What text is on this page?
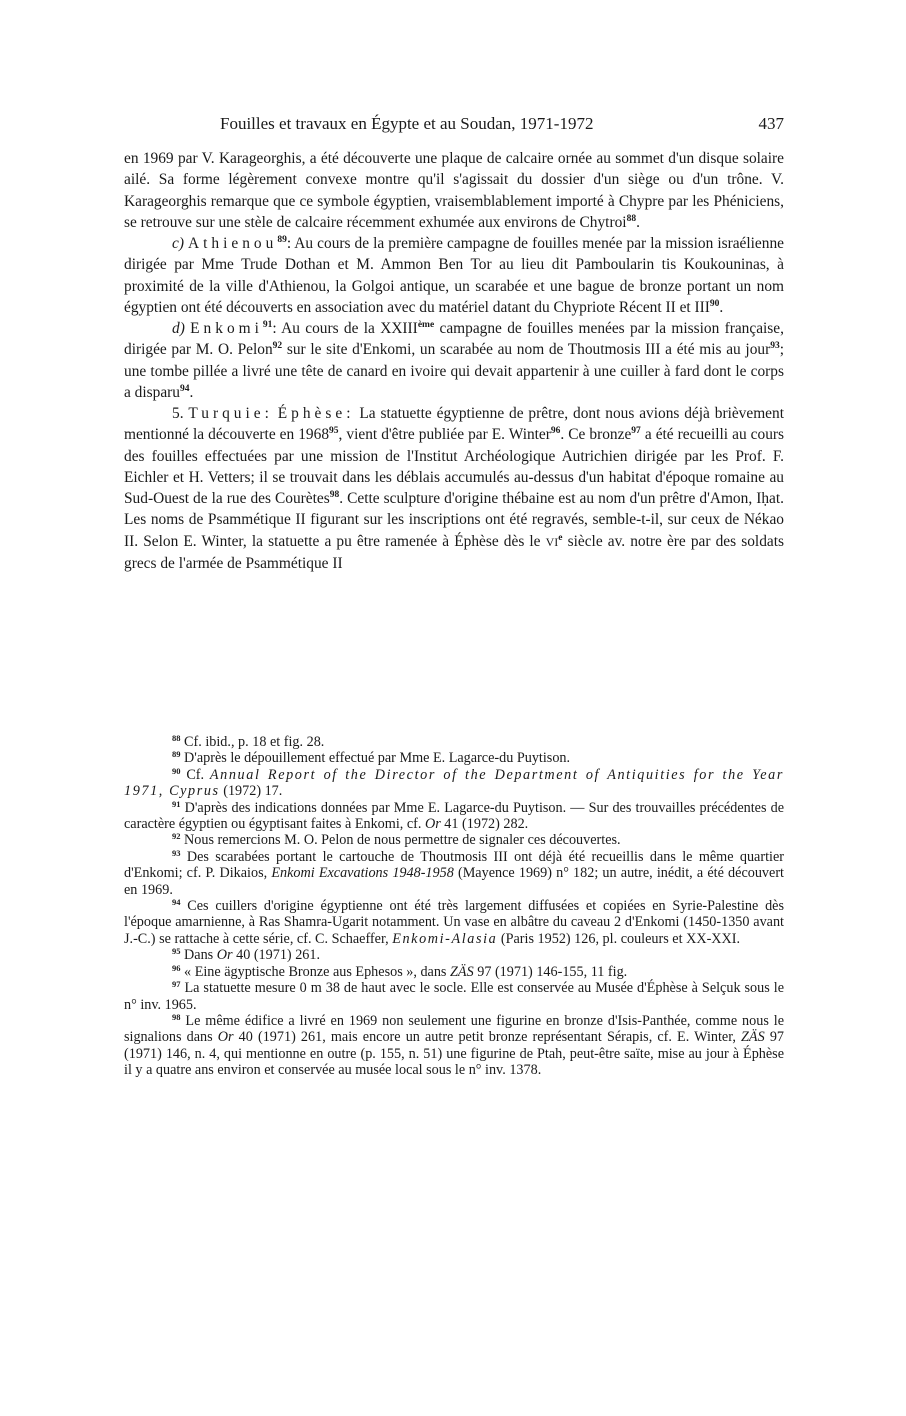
Fouilles et travaux en Égypte et au Soudan, 1971-1972	437

en 1969 par V. Karageorghis, a été découverte une plaque de calcaire ornée au sommet d'un disque solaire ailé. Sa forme légèrement convexe montre qu'il s'agissait du dossier d'un siège ou d'un trône. V. Karageorghis remarque que ce symbole égyptien, vraisemblablement importé à Chypre par les Phéniciens, se retrouve sur une stèle de calcaire récemment exhumée aux environs de Chytroi$^{88}$.

c) Athienou$^{89}$: Au cours de la première campagne de fouilles menée par la mission israélienne dirigée par Mme Trude Dothan et M. Ammon Ben Tor au lieu dit Pamboularin tis Koukouninas, à proximité de la ville d'Athienou, la Golgoi antique, un scarabée et une bague de bronze portant un nom égyptien ont été découverts en association avec du matériel datant du Chypriote Récent II et III$^{90}$.

d) Enkomi$^{91}$: Au cours de la XXIIIème campagne de fouilles menées par la mission française, dirigée par M. O. Pelon$^{92}$ sur le site d'Enkomi, un scarabée au nom de Thoutmosis III a été mis au jour$^{93}$; une tombe pillée a livré une tête de canard en ivoire qui devait appartenir à une cuiller à fard dont le corps a disparu$^{94}$.

5. Turquie: Éphèse: La statuette égyptienne de prêtre, dont nous avions déjà brièvement mentionné la découverte en 1968$^{95}$, vient d'être publiée par E. Winter$^{96}$. Ce bronze$^{97}$ a été recueilli au cours des fouilles effectuées par une mission de l'Institut Archéologique Autrichien dirigée par les Prof. F. Eichler et H. Vetters; il se trouvait dans les déblais accumulés au-dessus d'un habitat d'époque romaine au Sud-Ouest de la rue des Courètes$^{98}$. Cette sculpture d'origine thébaine est au nom d'un prêtre d'Amon, Iḥat. Les noms de Psammétique II figurant sur les inscriptions ont été regravés, semble-t-il, sur ceux de Nékao II. Selon E. Winter, la statuette a pu être ramenée à Éphèse dès le VIe siècle av. notre ère par des soldats grecs de l'armée de Psammétique II

$^{88}$ Cf. ibid., p. 18 et fig. 28.

$^{89}$ D'après le dépouillement effectué par Mme E. Lagarce-du Puytison.

$^{90}$ Cf. Annual Report of the Director of the Department of Antiquities for the Year 1971, Cyprus (1972) 17.

$^{91}$ D'après des indications données par Mme E. Lagarce-du Puytison. — Sur des trouvailles précédentes de caractère égyptien ou égyptisant faites à Enkomi, cf. Or 41 (1972) 282.

$^{92}$ Nous remercions M. O. Pelon de nous permettre de signaler ces découvertes.

$^{93}$ Des scarabées portant le cartouche de Thoutmosis III ont déjà été recueillis dans le même quartier d'Enkomi; cf. P. Dikaios, Enkomi Excavations 1948-1958 (Mayence 1969) n° 182; un autre, inédit, a été découvert en 1969.

$^{94}$ Ces cuillers d'origine égyptienne ont été très largement diffusées et copiées en Syrie-Palestine dès l'époque amarnienne, à Ras Shamra-Ugarit notamment. Un vase en albâtre du caveau 2 d'Enkomi (1450-1350 avant J.-C.) se rattache à cette série, cf. C. Schaeffer, Enkomi-Alasia (Paris 1952) 126, pl. couleurs et XX-XXI.

$^{95}$ Dans Or 40 (1971) 261.

$^{96}$ « Eine ägyptische Bronze aus Ephesos », dans ZÄS 97 (1971) 146-155, 11 fig.

$^{97}$ La statuette mesure 0 m 38 de haut avec le socle. Elle est conservée au Musée d'Éphèse à Selçuk sous le n° inv. 1965.

$^{98}$ Le même édifice a livré en 1969 non seulement une figurine en bronze d'Isis-Panthée, comme nous le signalions dans Or 40 (1971) 261, mais encore un autre petit bronze représentant Sérapis, cf. E. Winter, ZÄS 97 (1971) 146, n. 4, qui mentionne en outre (p. 155, n. 51) une figurine de Ptah, peut-être saïte, mise au jour à Éphèse il y a quatre ans environ et conservée au musée local sous le n° inv. 1378.
